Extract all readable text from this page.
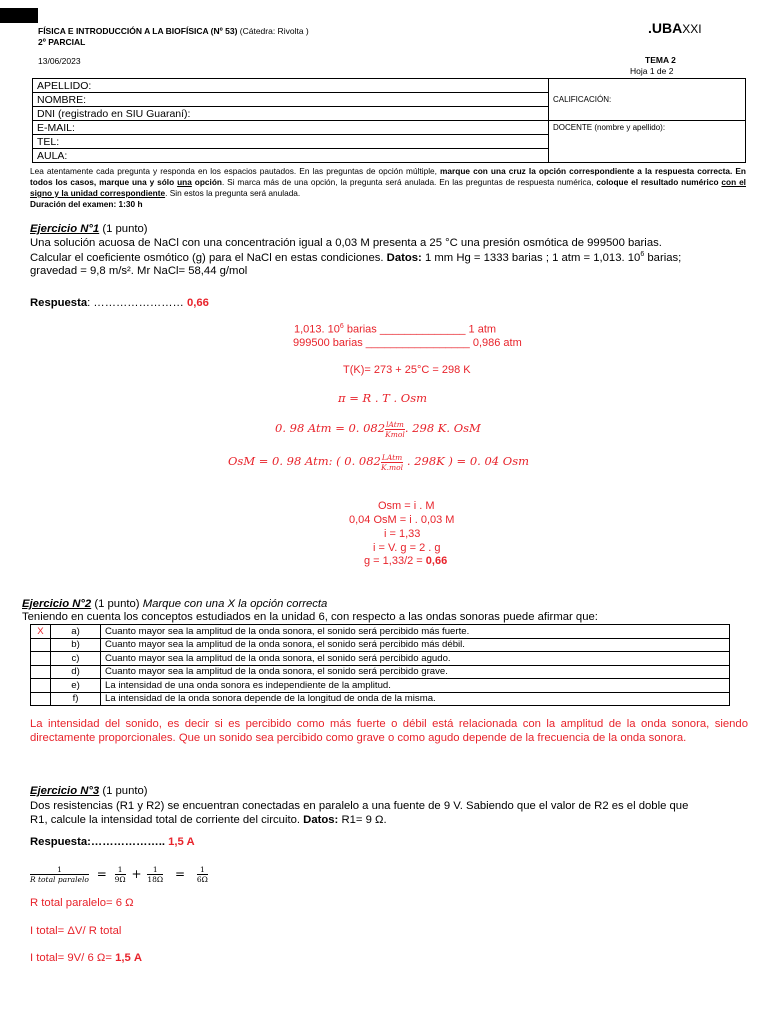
FÍSICA E INTRODUCCIÓN A LA BIOFÍSICA (Nº 53) (Cátedra: Rivolta )
2º PARCIAL
13/06/2023
.UBAXXI
TEMA 2
Hoja 1 de 2
APELLIDO:	CALIFICACIÓN:
NOMBRE:	
DNI (registrado en SIU Guaraní):	
E-MAIL:	DOCENTE (nombre y apellido):
TEL:	
AULA:	
Lea atentamente cada pregunta y responda en los espacios pautados. En las preguntas de opción múltiple, marque con una cruz la opción correspondiente a la respuesta correcta. En todos los casos, marque una y sólo una opción. Si marca más de una opción, la pregunta será anulada. En las preguntas de respuesta numérica, coloque el resultado numérico con el signo y la unidad correspondiente. Sin estos la pregunta será anulada.
Duración del examen: 1:30 h
Ejercicio N°1 (1 punto)
Una solución acuosa de NaCl con una concentración igual a 0,03 M presenta a 25 °C una presión osmótica de 999500 barias.
Calcular el coeficiente osmótico (g) para el NaCl en estas condiciones. Datos: 1 mm Hg = 1333 barias ; 1 atm = 1,013. $10^6$ barias;
gravedad = 9,8 m/s². Mr NaCl= 58,44 g/mol
Respuesta: …………………… 0,66
1,013. $10^6$ barias ______________ 1 atm
999500 barias _________________ 0,986 atm
T(K)= 273 + 25°C = 298 K
π = R . T . Osm
0. 98 Atm = 0. $082 \frac{\text{lAtm}}{\text{Kmol}}$ . 298 K. OsM
OsM = 0. 98 Atm: ( 0. $082 \frac{\text{LAtm}}{\text{K.mol}}$ . 298K ) = 0. 04 Osm
Osm = i . M
0,04 OsM = i . 0,03 M
i = 1,33
i = V. g = 2 . g
g = 1,33/2 = 0,66
Ejercicio N°2 (1 punto) Marque con una X la opción correcta
Teniendo en cuenta los conceptos estudiados en la unidad 6, con respecto a las ondas sonoras puede afirmar que:
X	a)	Cuanto mayor sea la amplitud de la onda sonora, el sonido será percibido más fuerte.
	b)	Cuanto mayor sea la amplitud de la onda sonora, el sonido será percibido más débil.
	c)	Cuanto mayor sea la amplitud de la onda sonora, el sonido será percibido agudo.
	d)	Cuanto mayor sea la amplitud de la onda sonora, el sonido será percibido grave.
	e)	La intensidad de una onda sonora es independiente de la amplitud.
	f)	La intensidad de la onda sonora depende de la longitud de onda de la misma.
La intensidad del sonido, es decir si es percibido como más fuerte o débil está relacionada con la amplitud de la onda sonora, siendo directamente proporcionales. Que un sonido sea percibido como grave o como agudo depende de la frecuencia de la onda sonora.
Ejercicio N°3 (1 punto)
Dos resistencias (R1 y R2) se encuentran conectadas en paralelo a una fuente de 9 V. Sabiendo que el valor de R2 es el doble que
R1, calcule la intensidad total de corriente del circuito. Datos: R1= 9 Ω.
Respuesta:……………….. 1,5 A
$\frac{1}{\text{R total paralelo}} = \frac{1}{9\Omega} + \frac{1}{18\Omega} = \frac{1}{6\Omega}$
R total paralelo= 6 Ω
I total= ΔV/ R total
I total= 9V/ 6 Ω= 1,5 A
